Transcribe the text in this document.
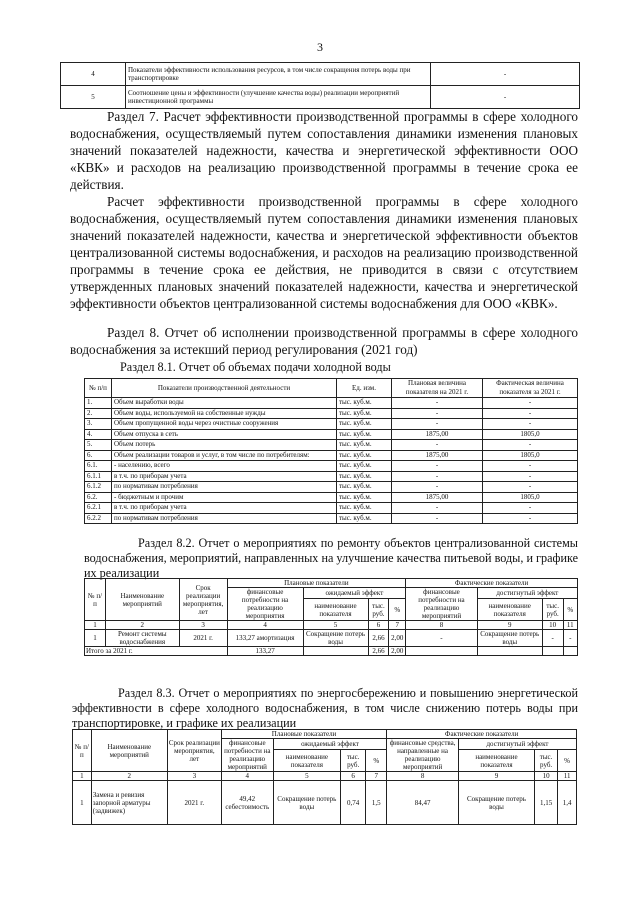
3
4	Показатели эффективности использования ресурсов, в том числе сокращения потерь воды при транспортировке	-
5	Соотношение цены и эффективности (улучшение качества воды) реализации мероприятий инвестиционной программы	-
Раздел 7. Расчет эффективности производственной программы в сфере холодного водоснабжения, осуществляемый путем сопоставления динамики изменения плановых значений показателей надежности, качества и энергетической эффективности ООО «КВК» и расходов на реализацию производственной программы в течение срока ее действия.
Расчет эффективности производственной программы в сфере холодного водоснабжения, осуществляемый путем сопоставления динамики изменения плановых значений показателей надежности, качества и энергетической эффективности объектов централизованной системы водоснабжения, и расходов на реализацию производственной программы в течение срока ее действия, не приводится в связи с отсутствием утвержденных плановых значений показателей надежности, качества и энергетической эффективности объектов централизованной системы водоснабжения для ООО «КВК».
Раздел 8. Отчет об исполнении производственной программы в сфере холодного водоснабжения за истекший период регулирования (2021 год)
Раздел 8.1. Отчет об объемах подачи холодной воды
№ п/п	Показатели производственной деятельности	Ед. изм.	Плановая величина показателя на 2021 г.	Фактическая величина показателя за 2021 г.
1.	Объем выработки воды	тыс. куб.м.	-	-
2.	Объем воды, используемой на собственные нужды	тыс. куб.м.	-	-
3.	Объем пропущенной воды через очистные сооружения	тыс. куб.м.	-	-
4.	Объем отпуска в сеть	тыс. куб.м.	1875,00	1805,0
5.	Объем потерь	тыс. куб.м.	-	-
6.	Объем реализации товаров и услуг, в том числе по потребителям:	тыс. куб.м.	1875,00	1805,0
6.1.	- населению, всего	тыс. куб.м.	-	-
6.1.1	в т.ч. по приборам учета	тыс. куб.м.	-	-
6.1.2	по нормативам потребления	тыс. куб.м.	-	-
6.2.	- бюджетным и прочим	тыс. куб.м.	1875,00	1805,0
6.2.1	в т.ч. по приборам учета	тыс. куб.м.	-	-
6.2.2	по нормативам потребления	тыс. куб.м.	-	-
Раздел 8.2. Отчет о мероприятиях по ремонту объектов централизованной системы водоснабжения, мероприятий, направленных на улучшение качества питьевой воды, и графике их реализации
№ п/ п	Наименование мероприятий	Срок реализации мероприятия, лет	Плановые показатели				Фактические показатели			
			финансовые потребности на реализацию мероприятия	ожидаемый эффект			финансовые потребности на реализацию мероприятий	достигнутый эффект		
				наименование показателя	тыс. руб.	%		наименование показателя	тыс. руб.	%
1	2	3	4	5	6	7	8	9	10	11
1	Ремонт системы водоснабжения	2021 г.	133,27 амортизация	Сокращение потерь воды	2,66	2,00	-	Сокращение потерь воды	-	-
Итого за 2021 г.			133,27		2,66	2,00				
Раздел 8.3. Отчет о мероприятиях по энергосбережению и повышению энергетической эффективности в сфере холодного водоснабжения, в том числе снижению потерь воды при транспортировке, и графике их реализации
№ п/ п	Наименование мероприятий	Срок реализации мероприятия, лет	Плановые показатели				Фактические показатели			
			финансовые потребности на реализацию мероприятий	ожидаемый эффект			финансовые средства, направленные на реализацию мероприятий	достигнутый эффект		
				наименование показателя	тыс. руб.	%		наименование показателя	тыс. руб.	%
1	2	3	4	5	6	7	8	9	10	11
1	Замена и ревизия запорной арматуры (задвижек)	2021 г.	49,42 себестоимость	Сокращение потерь воды	0,74	1,5	84,47	Сокращение потерь воды	1,15	1,4
